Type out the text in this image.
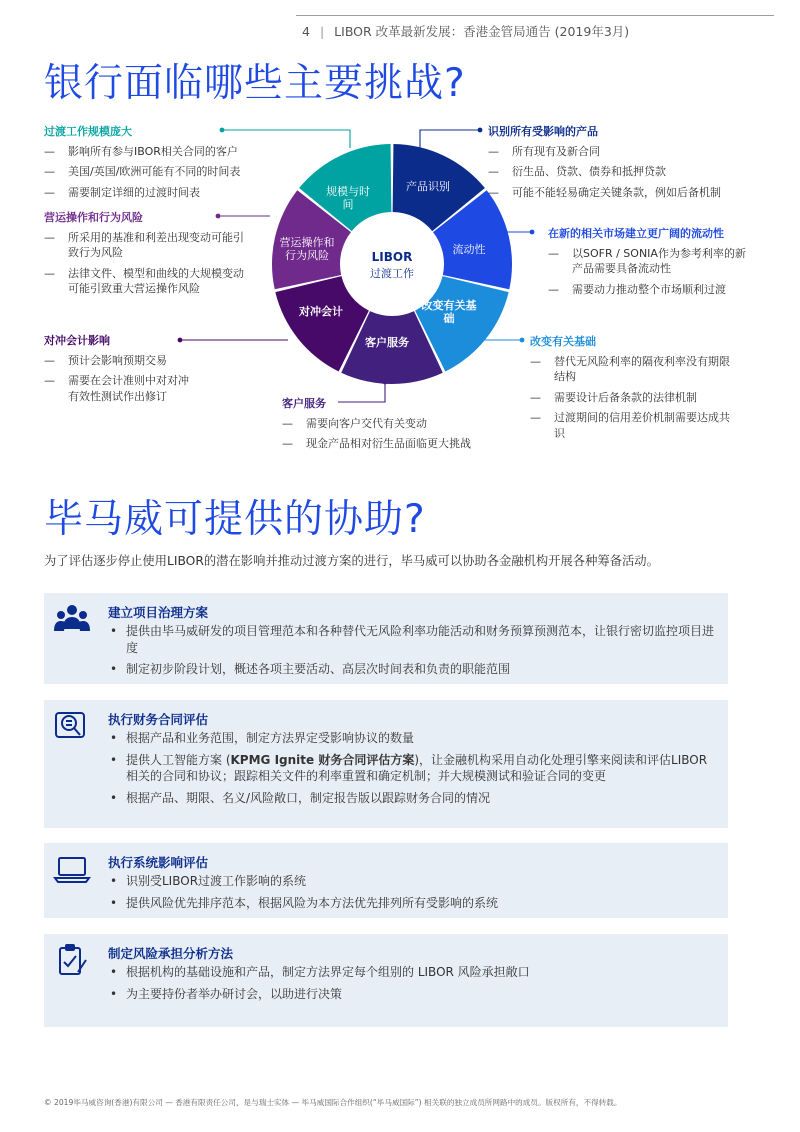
4 | LIBOR 改革最新发展：香港金管局通告 (2019年3月)
银行面临哪些主要挑战?
LIBOR
过渡工作
产品识别
流动性
改变有关基础
客户服务
对冲会计
营运操作和行为风险
规模与时间
过渡工作规模庞大
— 影响所有参与IBOR相关合同的客户
— 美国/英国/欧洲可能有不同的时间表
— 需要制定详细的过渡时间表
营运操作和行为风险
— 所采用的基准和利差出现变动可能引致行为风险
— 法律文件、模型和曲线的大规模变动可能引致重大营运操作风险
对冲会计影响
— 预计会影响预期交易
— 需要在会计准则中对对冲有效性测试作出修订
客户服务
— 需要向客户交代有关变动
— 现金产品相对衍生品面临更大挑战
识别所有受影响的产品
— 所有现有及新合同
— 衍生品、贷款、债券和抵押贷款
— 可能不能轻易确定关键条款，例如后备机制
在新的相关市场建立更广阔的流动性
— 以SOFR / SONIA作为参考利率的新产品需要具备流动性
— 需要动力推动整个市场顺利过渡
改变有关基础
— 替代无风险利率的隔夜利率没有期限结构
— 需要设计后备条款的法律机制
— 过渡期间的信用差价机制需要达成共识
毕马威可提供的协助?
为了评估逐步停止使用LIBOR的潜在影响并推动过渡方案的进行，毕马威可以协助各金融机构开展各种筹备活动。
建立项目治理方案
• 提供由毕马威研发的项目管理范本和各种替代无风险利率功能活动和财务预算预测范本，让银行密切监控项目进度
• 制定初步阶段计划，概述各项主要活动、高层次时间表和负责的职能范围
执行财务合同评估
• 根据产品和业务范围，制定方法界定受影响协议的数量
• 提供人工智能方案 (KPMG Ignite 财务合同评估方案)，让金融机构采用自动化处理引擎来阅读和评估LIBOR相关的合同和协议；跟踪相关文件的利率重置和确定机制；并大规模测试和验证合同的变更
• 根据产品、期限、名义/风险敞口，制定报告版以跟踪财务合同的情况
执行系统影响评估
• 识别受LIBOR过渡工作影响的系统
• 提供风险优先排序范本，根据风险为本方法优先排列所有受影响的系统
制定风险承担分析方法
• 根据机构的基础设施和产品，制定方法界定每个组别的 LIBOR 风险承担敞口
• 为主要持份者举办研讨会，以助进行决策
© 2019毕马威咨询(香港)有限公司 — 香港有限责任公司，是与瑞士实体 — 毕马威国际合作组织(“毕马威国际”) 相关联的独立成员所网路中的成员。版权所有，不得转载。
